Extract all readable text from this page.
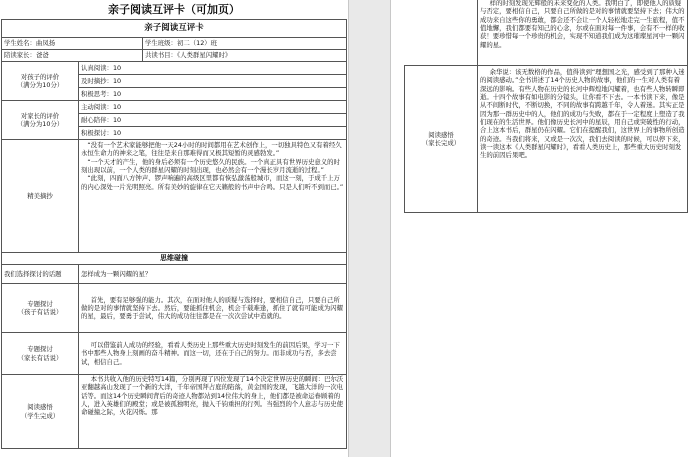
亲子阅读互评卡（可加页）
亲子阅读互评卡		
学生姓名：曲凤扬		学生班级：初二（12）班
陪读家长：爸爸		共读书目：《人类群星闪耀时》
对孩子的评价
（满分为10分）	认真阅读：10	
	及时摘抄：10	
	积极思考：10	
对家长的评价
（满分为10分）	主动阅读：10	
	耐心陪伴：10	
	积极探讨：10	
精美摘抄	“没有一个艺术家能够把他一天24小时的时间都用在艺术创作上，一切独具特色又有着经久永恒生命力的神来之笔，往往是来自那难得而又极其短暂的灵感勃发。”

“一个天才的产生，他的身后必须有一个历史悠久的民族。一个真正具有世界历史意义的时刻出现以前，一个人类的群星闪耀的时刻出现，也必然会有一个漫长岁月流逝的过程。”

“此刻，四面八方钟声、锣声响遍的高级区里都有恢弘激荡般城市，而这一刻，于成千上万的内心深处一片光明照亮。所有美妙的旋律在它天籁般的书声中合鸣。只是人们听不到而已。”	

思维碰撞		
我们选择探讨的话题	怎样成为一颗闪耀的星？	
专题探讨
（孩子有话说）	首先，要有足够强的能力。其次，在面对他人的质疑与选择时，要相信自己，只要自己所做的是对的事情就坚持下去。然后，要能抓住机会，机会千载难逢，抓住了就有可能成为闪耀的星，最后，要勇于尝试，伟大的成功往往都是在一次次尝试中造就的。	

专题探讨
（家长有话说）	可以借鉴前人成功的经验，看看人类历史上那些重大历史时刻发生的前因后果，学习一下书中那些人物身上刻画的奋斗精神。而这一切，还在于自己的努力。而非成功与否，多去尝试，相信自己。	

阅读感悟
（学生完成）	本书共收入他的历史特写14篇，分别再现了四位发现了14个决定世界历史的瞬间：巴尔沃亚翻越高山发现了一个新的大洋，千年帝国拜占庭的陷落，黄金国的发现，飞越大洋的一次电话等。而这14个历史瞬间背后的奇迹人物都站到14位伟大的身上，他们都是被命运眷顾着的人，进入英雄们的殿堂；或是被孤独明亮，抛入千钧重担的行列。当强烈的个人意志与历史使命碰撞之际，火花闪烁。那	

	样的时刻发现光辉般的未来变化的人类。我明白了，即使他人的质疑与否定，要相信自己，只要自己所做的是对的事情就要坚持下去；伟大的成功来自这些你的勇敢，都会还不会让一个人轻松地走完一生旅程，值不值地懈，我们都要有知己的心念，尔或在面对每一件事，会有不一样的收获！要珍惜每一个珍贵的机会，实现不知道我们成为这璀璨星河中一颗闪耀的星。

阅读感悟
（家长完成）	余华说：该无数格的作品，值得读到“理想国之光，感受到了那种入迷的阅读感动。”全书讲述了14个历史人物的故事，他们的一生对人类有着深远的影响。有些人物在历史的长河中辉煌地闪耀着，也有些人物转瞬即逝。十四个故事有如电影的分镜头，让你看不下去。一本书读下来，像是从不间断时代，不断切换，不同的故事有跨越千年，令人着迷。其实正是因为那一群历史中的人，他们的成功与失败，都在于一定程度上塑造了我们现在的生活世界。他们像历史长河中的星辰，用自己或突破性的行动，合上这本书后，群星仍在闪耀。它们在提醒我们，这世界上的事物所创造的奇迹。当我们将来，又或是一次次，我们去阅读的时候，可以停下来，读一读这本《人类群星闪耀时》，看看人类历史上，那些重大历史时刻发生的前因后果吧。
